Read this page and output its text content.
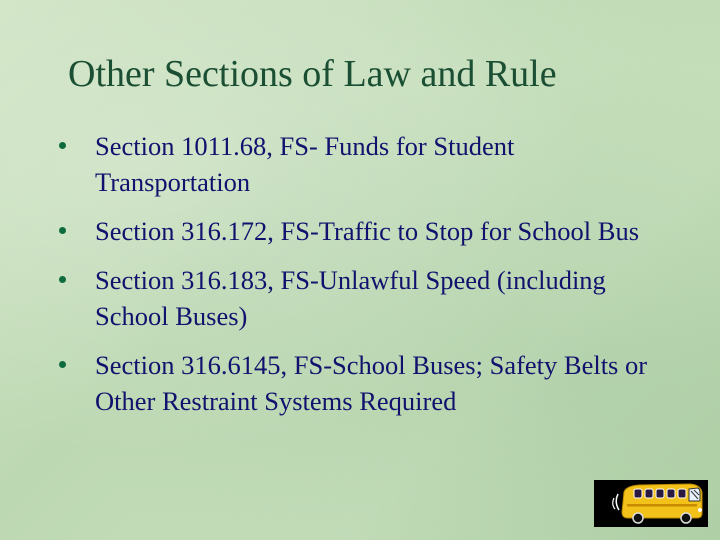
Other Sections of Law and Rule
Section 1011.68, FS- Funds for Student Transportation
Section 316.172, FS-Traffic to Stop for School Bus
Section 316.183, FS-Unlawful Speed (including School Buses)
Section 316.6145, FS-School Buses; Safety Belts or Other Restraint Systems Required
